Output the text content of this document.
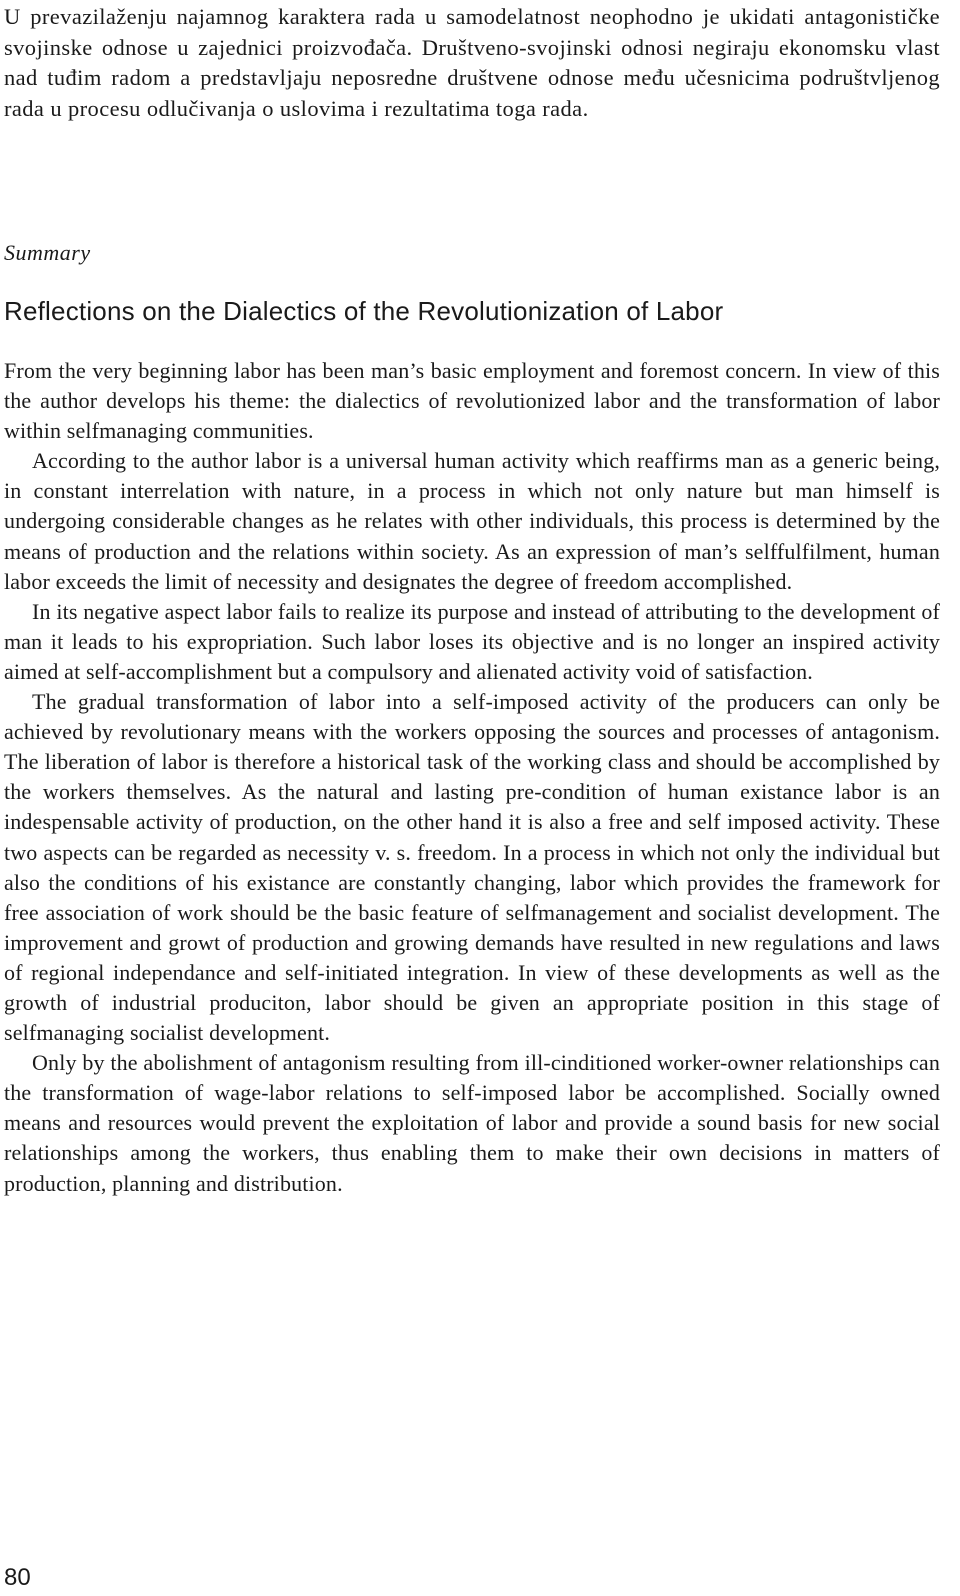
U prevazilaženju najamnog karaktera rada u samodelatnost neophodno je ukidati antagonističke svojinske odnose u zajednici proizvođača. Društveno-svojinski odnosi negiraju ekonomsku vlast nad tuđim radom a predstavljaju neposredne društvene odnose među učesnicima podruštvljenog rada u procesu odlučivanja o uslovima i rezultatima toga rada.

Summary

Reflections on the Dialectics of the Revolutionization of Labor

From the very beginning labor has been man’s basic employment and foremost concern. In view of this the author develops his theme: the dialectics of revolutionized labor and the transformation of labor within selfmanaging communities.

According to the author labor is a universal human activity which reaffirms man as a generic being, in constant interrelation with nature, in a process in which not only nature but man himself is undergoing considerable changes as he relates with other individuals, this process is determined by the means of production and the relations within society. As an expression of man’s selffulfilment, human labor exceeds the limit of necessity and designates the degree of freedom accomplished.

In its negative aspect labor fails to realize its purpose and instead of attributing to the development of man it leads to his expropriation. Such labor loses its objective and is no longer an inspired activity aimed at self-accomplishment but a compulsory and alienated activity void of satisfaction.

The gradual transformation of labor into a self-imposed activity of the producers can only be achieved by revolutionary means with the workers opposing the sources and processes of antagonism. The liberation of labor is therefore a historical task of the working class and should be accomplished by the workers themselves. As the natural and lasting pre-condition of human existance labor is an indespensable activity of production, on the other hand it is also a free and self imposed activity. These two aspects can be regarded as necessity v. s. freedom. In a process in which not only the individual but also the conditions of his existance are constantly changing, labor which provides the framework for free association of work should be the basic feature of selfmanagement and socialist development. The improvement and growt of production and growing demands have resulted in new regulations and laws of regional independance and self-initiated integration. In view of these developments as well as the growth of industrial produciton, labor should be given an appropriate position in this stage of selfmanaging socialist development.

Only by the abolishment of antagonism resulting from ill-cinditioned worker-owner relationships can the transformation of wage-labor relations to self-imposed labor be accomplished. Socially owned means and resources would prevent the exploitation of labor and provide a sound basis for new social relationships among the workers, thus enabling them to make their own decisions in matters of production, planning and distribution.

80
